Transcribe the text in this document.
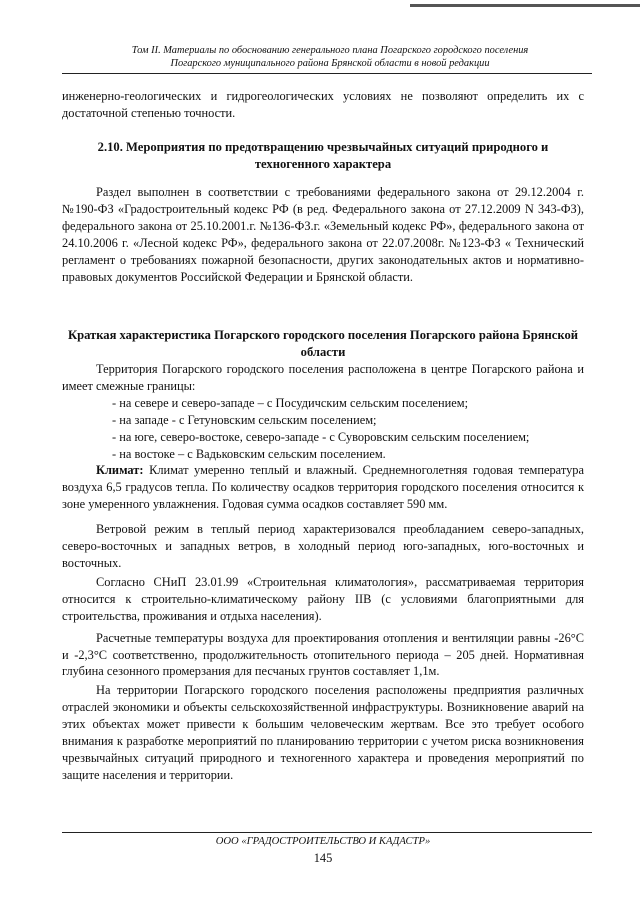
Том II. Материалы по обоснованию генерального плана Погарского городского поселения
Погарского муниципального района Брянской области в новой редакции

инженерно-геологических и гидрогеологических условиях не позволяют определить их с достаточной степенью точности.

2.10. Мероприятия по предотвращению чрезвычайных ситуаций природного и техногенного характера

Раздел выполнен в соответствии с требованиями федерального закона от 29.12.2004 г. №190-ФЗ «Градостроительный кодекс РФ (в ред. Федерального закона от 27.12.2009 N 343-ФЗ), федерального закона от 25.10.2001.г. №136-ФЗ.г. «Земельный кодекс РФ», федерального закона от 24.10.2006 г. «Лесной кодекс РФ», федерального закона от 22.07.2008г. №123-ФЗ « Технический регламент о требованиях пожарной безопасности, других законодательных актов и нормативно-правовых документов Российской Федерации и Брянской области.

Краткая характеристика Погарского городского поселения Погарского района Брянской области

Территория Погарского городского поселения расположена в центре Погарского района и имеет смежные границы:

- на севере и северо-западе – с Посудичским сельским поселением;

- на западе - с Гетуновским сельским поселением;

- на юге, северо-востоке, северо-западе - с Суворовским сельским поселением;

- на востоке – с Вадьковским сельским поселением.

Климат: Климат умеренно теплый и влажный. Среднемноголетняя годовая температура воздуха 6,5 градусов тепла. По количеству осадков территория городского поселения относится к зоне умеренного увлажнения. Годовая сумма осадков составляет 590 мм.

Ветровой режим в теплый период характеризовался преобладанием северо-западных, северо-восточных и западных ветров, в холодный период юго-западных, юго-восточных и восточных.

Согласно СНиП 23.01.99 «Строительная климатология», рассматриваемая территория относится к строительно-климатическому району IIВ (с условиями благоприятными для строительства, проживания и отдыха населения).

Расчетные температуры воздуха для проектирования отопления и вентиляции равны -26°С и -2,3°С соответственно, продолжительность отопительного периода – 205 дней. Нормативная глубина сезонного промерзания для песчаных грунтов составляет 1,1м.

На территории Погарского городского поселения расположены предприятия различных отраслей экономики и объекты сельскохозяйственной инфраструктуры. Возникновение аварий на этих объектах может привести к большим человеческим жертвам. Все это требует особого внимания к разработке мероприятий по планированию территории с учетом риска возникновения чрезвычайных ситуаций природного и техногенного характера и проведения мероприятий по защите населения и территории.

ООО «ГРАДОСТРОИТЕЛЬСТВО И КАДАСТР»
145
